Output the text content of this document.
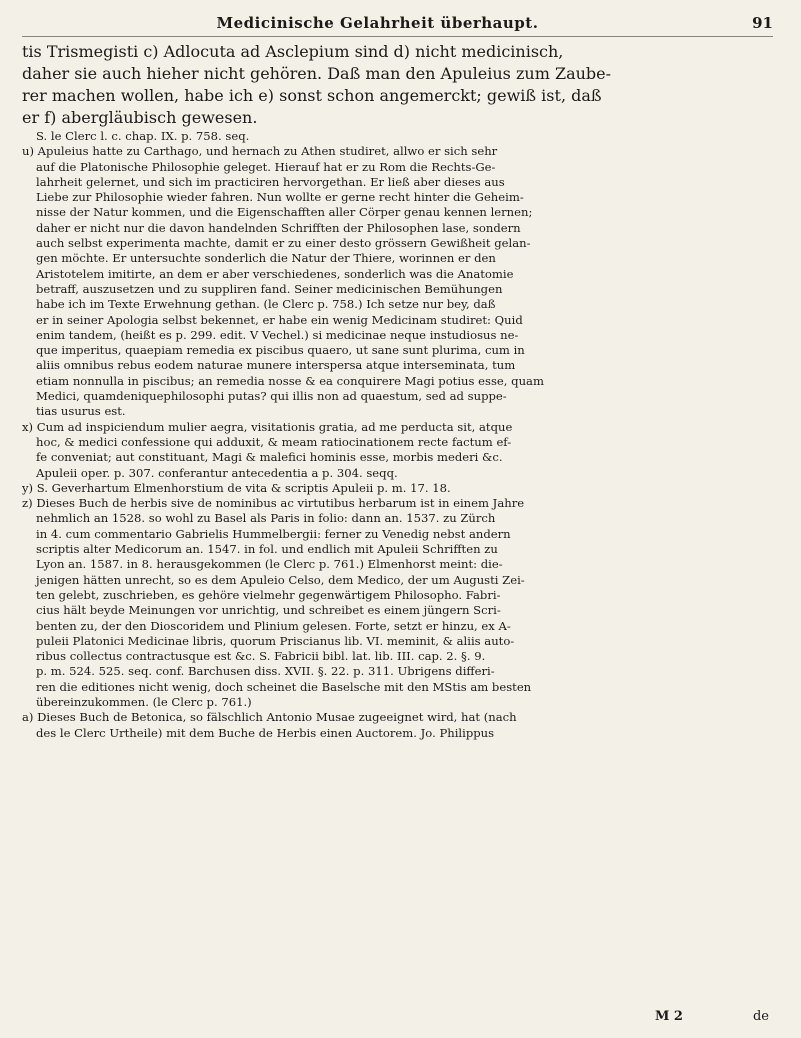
Medicinische Gelahrheit überhaupt.	91
tis Trismegisti c) Adlocuta ad Asclepium sind d) nicht medicinisch,
daher sie auch hieher nicht gehören. Daß man den Apuleius zum Zaube-
rer machen wollen, habe ich e) sonst schon angemerckt; gewiß ist, daß
er f) abergläubisch gewesen.
S. le Clerc l. c. chap. IX. p. 758. seq.
u) Apuleius hatte zu Carthago, und hernach zu Athen studiret, allwo er sich sehr
auf die Platonische Philosophie geleget. Hierauf hat er zu Rom die Rechts-Ge-
lahrheit gelernet, und sich im practiciren hervorgethan. Er ließ aber dieses aus
Liebe zur Philosophie wieder fahren. Nun wollte er gerne recht hinter die Geheim-
nisse der Natur kommen, und die Eigenschafften aller Cörper genau kennen lernen;
daher er nicht nur die davon handelnden Schrifften der Philosophen lase, sondern
auch selbst experimenta machte, damit er zu einer desto grössern Gewißheit gelan-
gen möchte. Er untersuchte sonderlich die Natur der Thiere, worinnen er den
Aristotelem imitirte, an dem er aber verschiedenes, sonderlich was die Anatomie
betraff, auszusetzen und zu suppliren fand. Seiner medicinischen Bemühungen
habe ich im Texte Erwehnung gethan. (le Clerc p. 758.) Ich setze nur bey, daß
er in seiner Apologia selbst bekennet, er habe ein wenig Medicinam studiret: Quid
enim tandem, (heißt es p. 299. edit. V Vechel.) si medicinae neque instudiosus ne-
que imperitus, quaepiam remedia ex piscibus quaero, ut sane sunt plurima, cum in
aliis omnibus rebus eodem naturae munere interspersa atque interseminata, tum
etiam nonnulla in piscibus; an remedia nosse & ea conquirere Magi potius esse, quam
Medici, quamdeniquephilosophi putas? qui illis non ad quaestum, sed ad suppe-
tias usurus est.
x) Cum ad inspiciendum mulier aegra, visitationis gratia, ad me perducta sit, atque
hoc, & medici confessione qui adduxit, & meam ratiocinationem recte factum ef-
fe conveniat; aut constituant, Magi & malefici hominis esse, morbis mederi &c.
Apuleii oper. p. 307. conferantur antecedentia a p. 304. seqq.
y) S. Geverhartum Elmenhorstium de vita & scriptis Apuleii p. m. 17. 18.
z) Dieses Buch de herbis sive de nominibus ac virtutibus herbarum ist in einem Jahre
nehmlich an 1528. so wohl zu Basel als Paris in folio: dann an. 1537. zu Zürch
in 4. cum commentario Gabrielis Hummelbergii: ferner zu Venedig nebst andern
scriptis alter Medicorum an. 1547. in fol. und endlich mit Apuleii Schrifften zu
Lyon an. 1587. in 8. herausgekommen (le Clerc p. 761.) Elmenhorst meint: die-
jenigen hätten unrecht, so es dem Apuleio Celso, dem Medico, der um Augusti Zei-
ten gelebt, zuschrieben, es gehöre vielmehr gegenwärtigem Philosopho. Fabri-
cius hält beyde Meinungen vor unrichtig, und schreibet es einem jüngern Scri-
benten zu, der den Dioscoridem und Plinium gelesen. Forte, setzt er hinzu, ex A-
puleii Platonici Medicinae libris, quorum Priscianus lib. VI. meminit, & aliis auto-
ribus collectus contractusque est &c. S. Fabricii bibl. lat. lib. III. cap. 2. §. 9.
p. m. 524. 525. seq. conf. Barchusen diss. XVII. §. 22. p. 311. Ubrigens differi-
ren die editiones nicht wenig, doch scheinet die Baselsche mit den MStis am besten
übereinzukommen. (le Clerc p. 761.)
a) Dieses Buch de Betonica, so fälschlich Antonio Musae zugeeignet wird, hat (nach
des le Clerc Urtheile) mit dem Buche de Herbis einen Auctorem. Jo. Philippus
M 2	de
